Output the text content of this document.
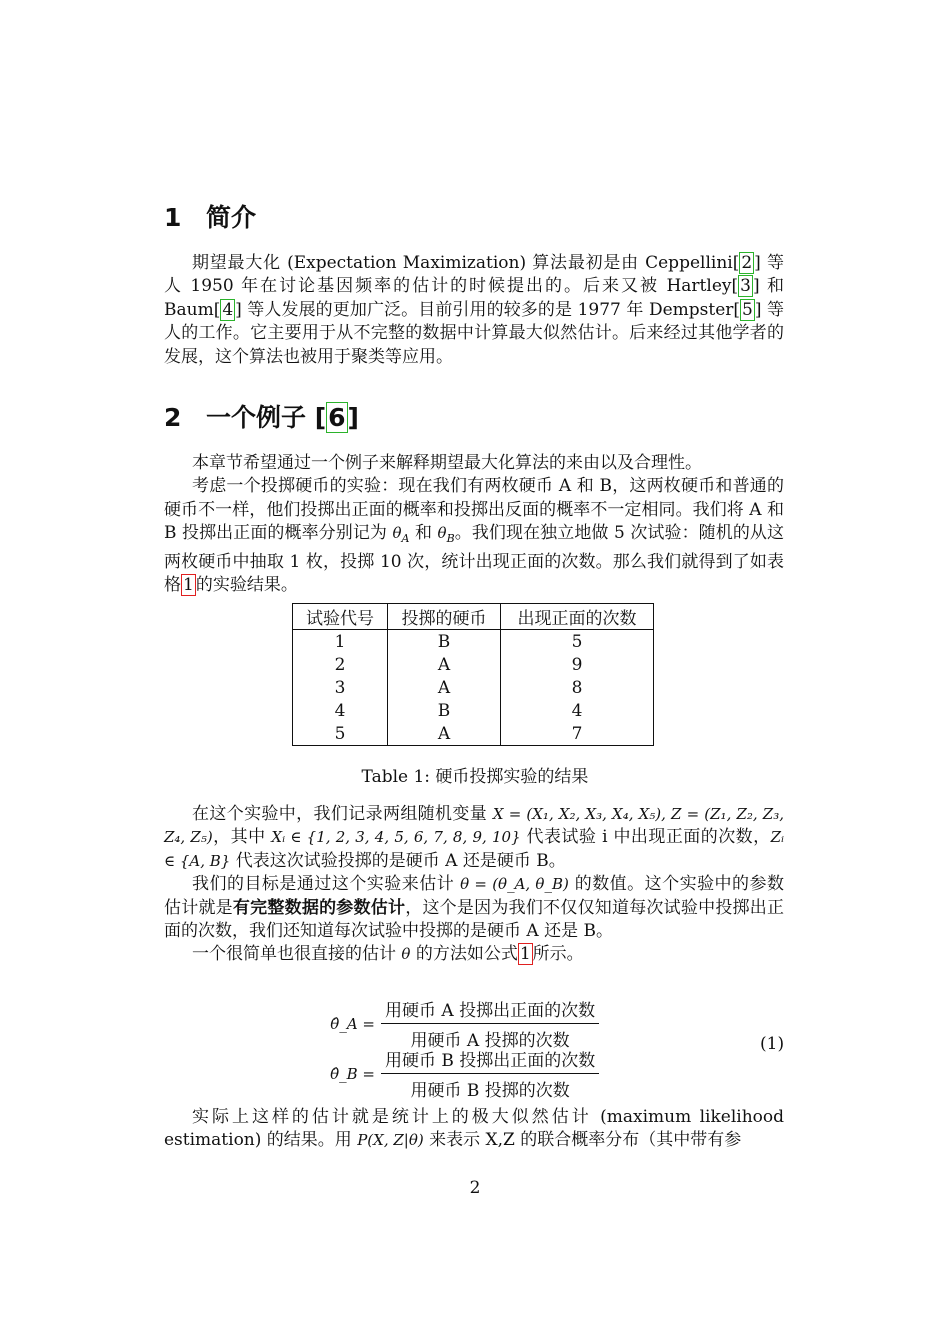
1 简介

期望最大化 (Expectation Maximization) 算法最初是由 Ceppellini[ 2 ] 等人 1950 年在讨论基因频率的估计的时候提出的。后来又被 Hartley[ 3 ] 和 Baum[ 4 ] 等人发展的更加广泛。目前引用的较多的是 1977 年 Dempster[ 5 ] 等人的工作。它主要用于从不完整的数据中计算最大似然估计。后来经过其他学者的发展，这个算法也被用于聚类等应用。

2 一个例子 [6]

本章节希望通过一个例子来解释期望最大化算法的来由以及合理性。

考虑一个投掷硬币的实验：现在我们有两枚硬币 A 和 B，这两枚硬币和普通的硬币不一样，他们投掷出正面的概率和投掷出反面的概率不一定相同。我们将 A 和 B 投掷出正面的概率分别记为 $\theta_A$ 和 $\theta_B$。我们现在独立地做 5 次试验：随机的从这两枚硬币中抽取 1 枚，投掷 10 次，统计出现正面的次数。那么我们就得到了如表格 1 的实验结果。

试验代号	投掷的硬币	出现正面的次数
1	B	5
2	A	9
3	A	8
4	B	4
5	A	7
Table 1: 硬币投掷实验的结果

在这个实验中，我们记录两组随机变量 X = (X₁, X₂, X₃, X₄, X₅), Z = (Z₁, Z₂, Z₃, Z₄, Z₅)，其中 Xᵢ ∈ {1, 2, 3, 4, 5, 6, 7, 8, 9, 10} 代表试验 i 中出现正面的次数，Zᵢ ∈ {A, B} 代表这次试验投掷的是硬币 A 还是硬币 B。

我们的目标是通过这个实验来估计 θ = (θ_A, θ_B) 的数值。这个实验中的参数估计就是有完整数据的参数估计，这个是因为我们不仅仅知道每次试验中投掷出正面的次数，我们还知道每次试验中投掷的是硬币 A 还是 B。

一个很简单也很直接的估计 θ 的方法如公式 1 所示。

θ̂_A = $\frac{\text{用硬币 A 投掷出正面的次数}}{\text{用硬币 A 投掷的次数}}$
θ̂_B = $\frac{\text{用硬币 B 投掷出正面的次数}}{\text{用硬币 B 投掷的次数}}$
(1)

实际上这样的估计就是统计上的极大似然估计 (maximum likelihood estimation) 的结果。用 P(X, Z|θ) 来表示 X,Z 的联合概率分布（其中带有参

2
